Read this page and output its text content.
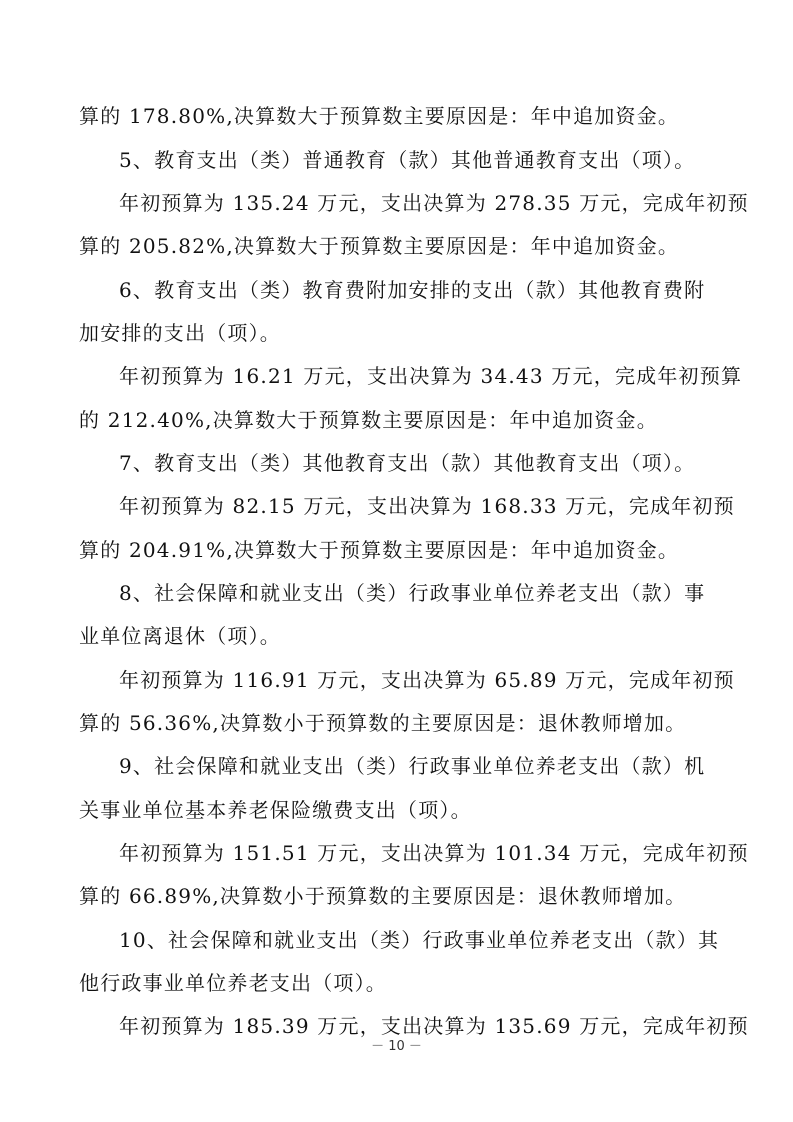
算的 178.80%,决算数大于预算数主要原因是：年中追加资金。
5、教育支出（类）普通教育（款）其他普通教育支出（项）。
年初预算为 135.24 万元，支出决算为 278.35 万元，完成年初预
算的 205.82%,决算数大于预算数主要原因是：年中追加资金。
6、教育支出（类）教育费附加安排的支出（款）其他教育费附
加安排的支出（项）。
年初预算为 16.21 万元，支出决算为 34.43 万元，完成年初预算
的 212.40%,决算数大于预算数主要原因是：年中追加资金。
7、教育支出（类）其他教育支出（款）其他教育支出（项）。
年初预算为 82.15 万元，支出决算为 168.33 万元，完成年初预
算的 204.91%,决算数大于预算数主要原因是：年中追加资金。
8、社会保障和就业支出（类）行政事业单位养老支出（款）事
业单位离退休（项）。
年初预算为 116.91 万元，支出决算为 65.89 万元，完成年初预
算的 56.36%,决算数小于预算数的主要原因是：退休教师增加。
9、社会保障和就业支出（类）行政事业单位养老支出（款）机
关事业单位基本养老保险缴费支出（项）。
年初预算为 151.51 万元，支出决算为 101.34 万元，完成年初预
算的 66.89%,决算数小于预算数的主要原因是：退休教师增加。
10、社会保障和就业支出（类）行政事业单位养老支出（款）其
他行政事业单位养老支出（项）。
年初预算为 185.39 万元，支出决算为 135.69 万元，完成年初预
－ 10 －
